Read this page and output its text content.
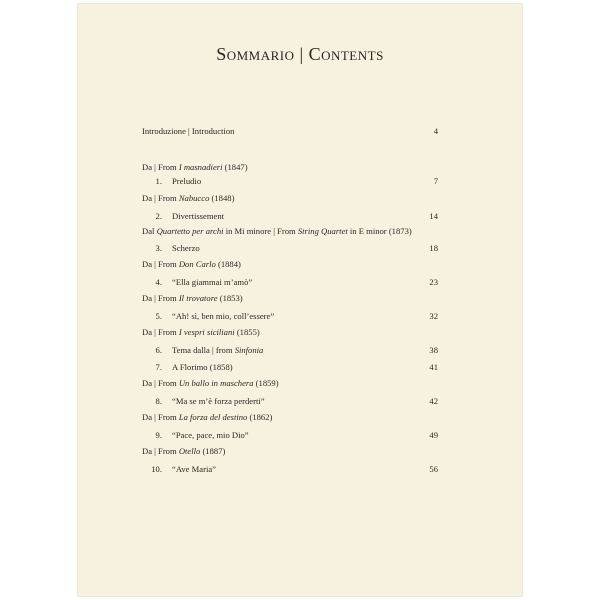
Sommario | Contents
Introduzione | Introduction	4
Da | From I masnadieri (1847)
1. Preludio	7
Da | From Nabucco (1848)
2. Divertissement	14
Dal Quartetto per archi in Mi minore | From String Quartet in E minor (1873)
3. Scherzo	18
Da | From Don Carlo (1884)
4. “Ella giammai m’amò”	23
Da | From Il trovatore (1853)
5. “Ah! sì, ben mio, coll’essere”	32
Da | From I vespri siciliani (1855)
6. Tema dalla | from Sinfonia	38
7. A Florimo (1858)	41
Da | From Un ballo in maschera (1859)
8. “Ma se m’è forza perderti”	42
Da | From La forza del destino (1862)
9. “Pace, pace, mio Dio”	49
Da | From Otello (1887)
10. “Ave Maria”	56
